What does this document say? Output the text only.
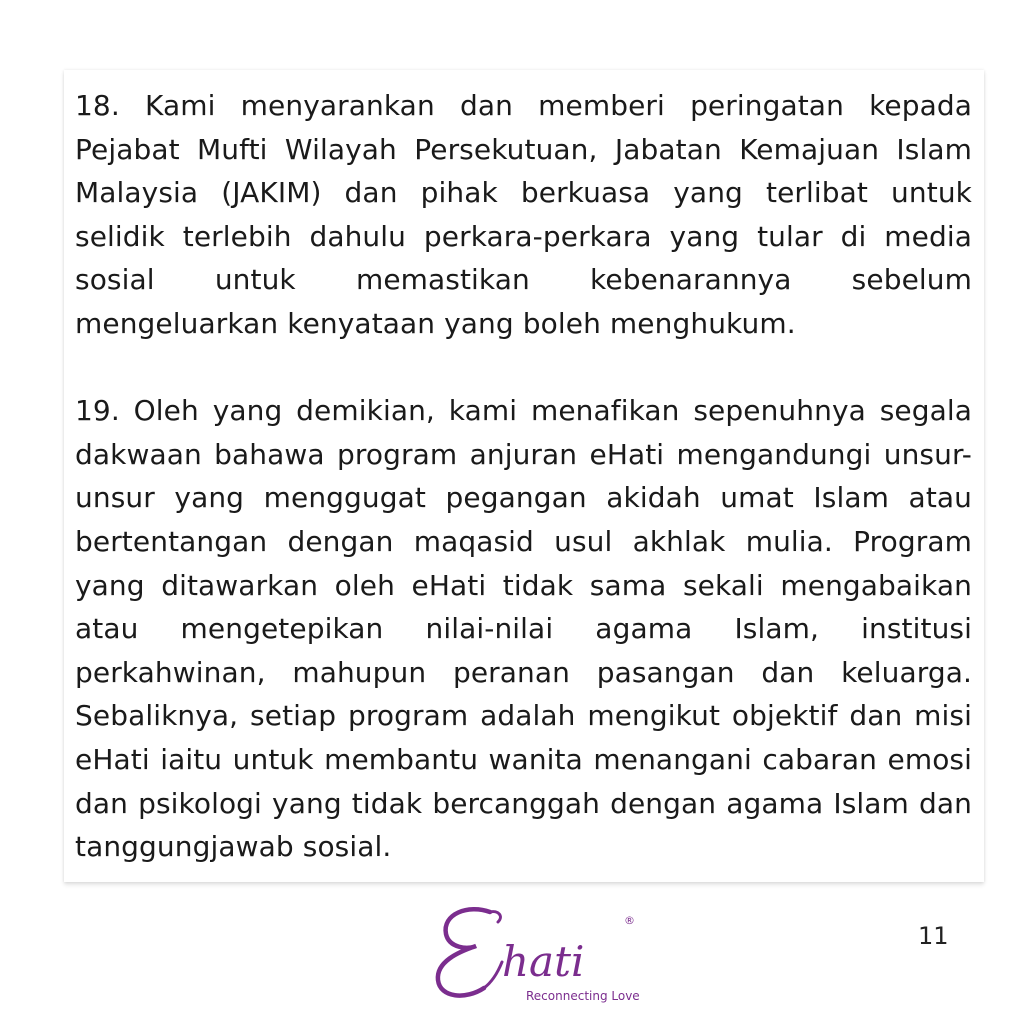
18. Kami menyarankan dan memberi peringatan kepada Pejabat Mufti Wilayah Persekutuan, Jabatan Kemajuan Islam Malaysia (JAKIM) dan pihak berkuasa yang terlibat untuk selidik terlebih dahulu perkara-perkara yang tular di media sosial untuk memastikan kebenarannya sebelum mengeluarkan kenyataan yang boleh menghukum.

19. Oleh yang demikian, kami menafikan sepenuhnya segala dakwaan bahawa program anjuran eHati mengandungi unsur-unsur yang menggugat pegangan akidah umat Islam atau bertentangan dengan maqasid usul akhlak mulia. Program yang ditawarkan oleh eHati tidak sama sekali mengabaikan atau mengetepikan nilai-nilai agama Islam, institusi perkahwinan, mahupun peranan pasangan dan keluarga. Sebaliknya, setiap program adalah mengikut objektif dan misi eHati iaitu untuk membantu wanita menangani cabaran emosi dan psikologi yang tidak bercanggah dengan agama Islam dan tanggungjawab sosial.

hati
®
Reconnecting Love
11
